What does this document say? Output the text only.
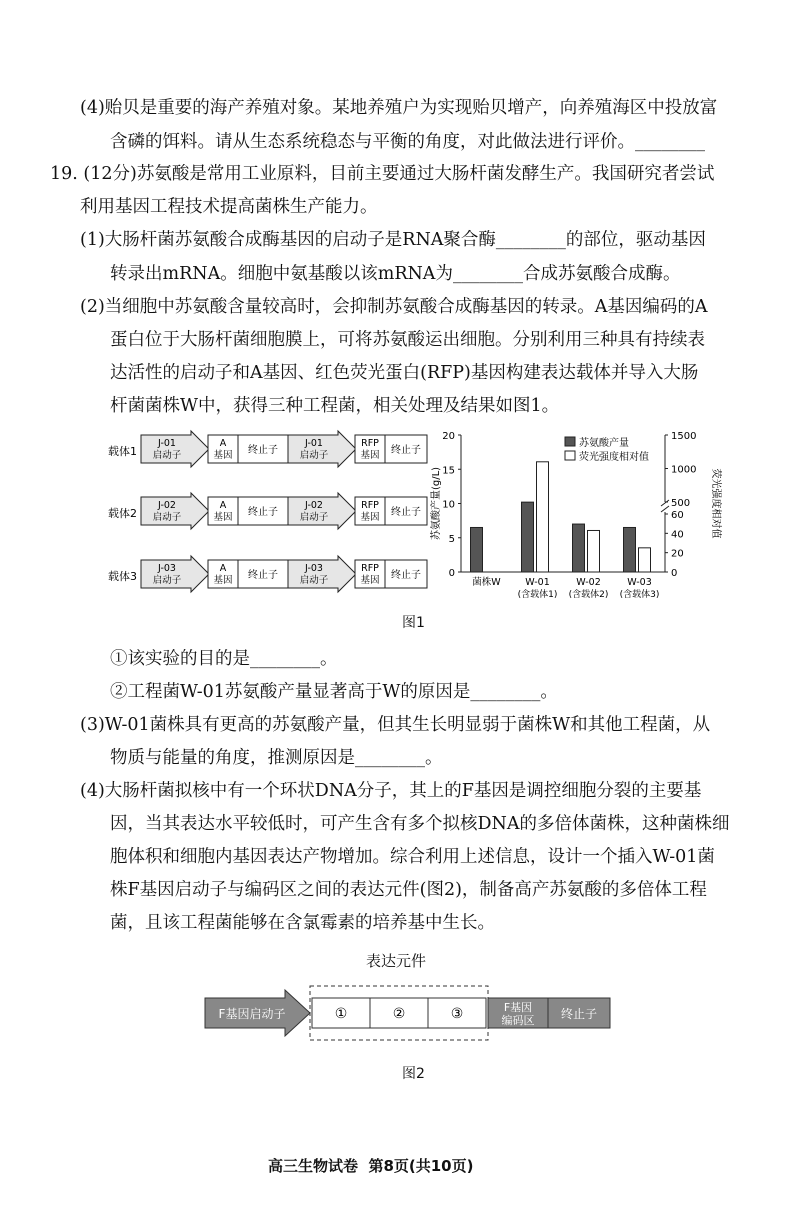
(4)贻贝是重要的海产养殖对象。某地养殖户为实现贻贝增产，向养殖海区中投放富
含磷的饵料。请从生态系统稳态与平衡的角度，对此做法进行评价。________
19. (12分)苏氨酸是常用工业原料，目前主要通过大肠杆菌发酵生产。我国研究者尝试
利用基因工程技术提高菌株生产能力。
(1)大肠杆菌苏氨酸合成酶基因的启动子是RNA聚合酶________的部位，驱动基因
转录出mRNA。细胞中氨基酸以该mRNA为________合成苏氨酸合成酶。
(2)当细胞中苏氨酸含量较高时，会抑制苏氨酸合成酶基因的转录。A基因编码的A
蛋白位于大肠杆菌细胞膜上，可将苏氨酸运出细胞。分别利用三种具有持续表
达活性的启动子和A基因、红色荧光蛋白(RFP)基因构建表达载体并导入大肠
杆菌菌株W中，获得三种工程菌，相关处理及结果如图1。
载体1
J-01
启动子
A
基因 终止子
J-01
启动子
RFP
基因 终止子
载体2
J-02
启动子
A
基因 终止子
J-02
启动子
RFP
基因 终止子
载体3
J-03
启动子
A
基因 终止子
J-03
启动子
RFP
基因 终止子	0
5
10
15
20
0
20
40
60
500
1000
1500
苏氨酸产量(g/L)	荧光强度相对值
菌株W	W-01
(含载体1)
W-02
(含载体2)
W-03
(含载体3)
苏氨酸产量
荧光强度相对值
图1
①该实验的目的是________。
②工程菌W-01苏氨酸产量显著高于W的原因是________。
(3)W-01菌株具有更高的苏氨酸产量，但其生长明显弱于菌株W和其他工程菌，从
物质与能量的角度，推测原因是________。
(4)大肠杆菌拟核中有一个环状DNA分子，其上的F基因是调控细胞分裂的主要基
因，当其表达水平较低时，可产生含有多个拟核DNA的多倍体菌株，这种菌株细
胞体积和细胞内基因表达产物增加。综合利用上述信息，设计一个插入W-01菌
株F基因启动子与编码区之间的表达元件(图2)，制备高产苏氨酸的多倍体工程
菌，且该工程菌能够在含氯霉素的培养基中生长。
表达元件
F基因启动子	①	②	③	F基因
编码区 终止子
图2
高三生物试卷  第8页(共10页)
